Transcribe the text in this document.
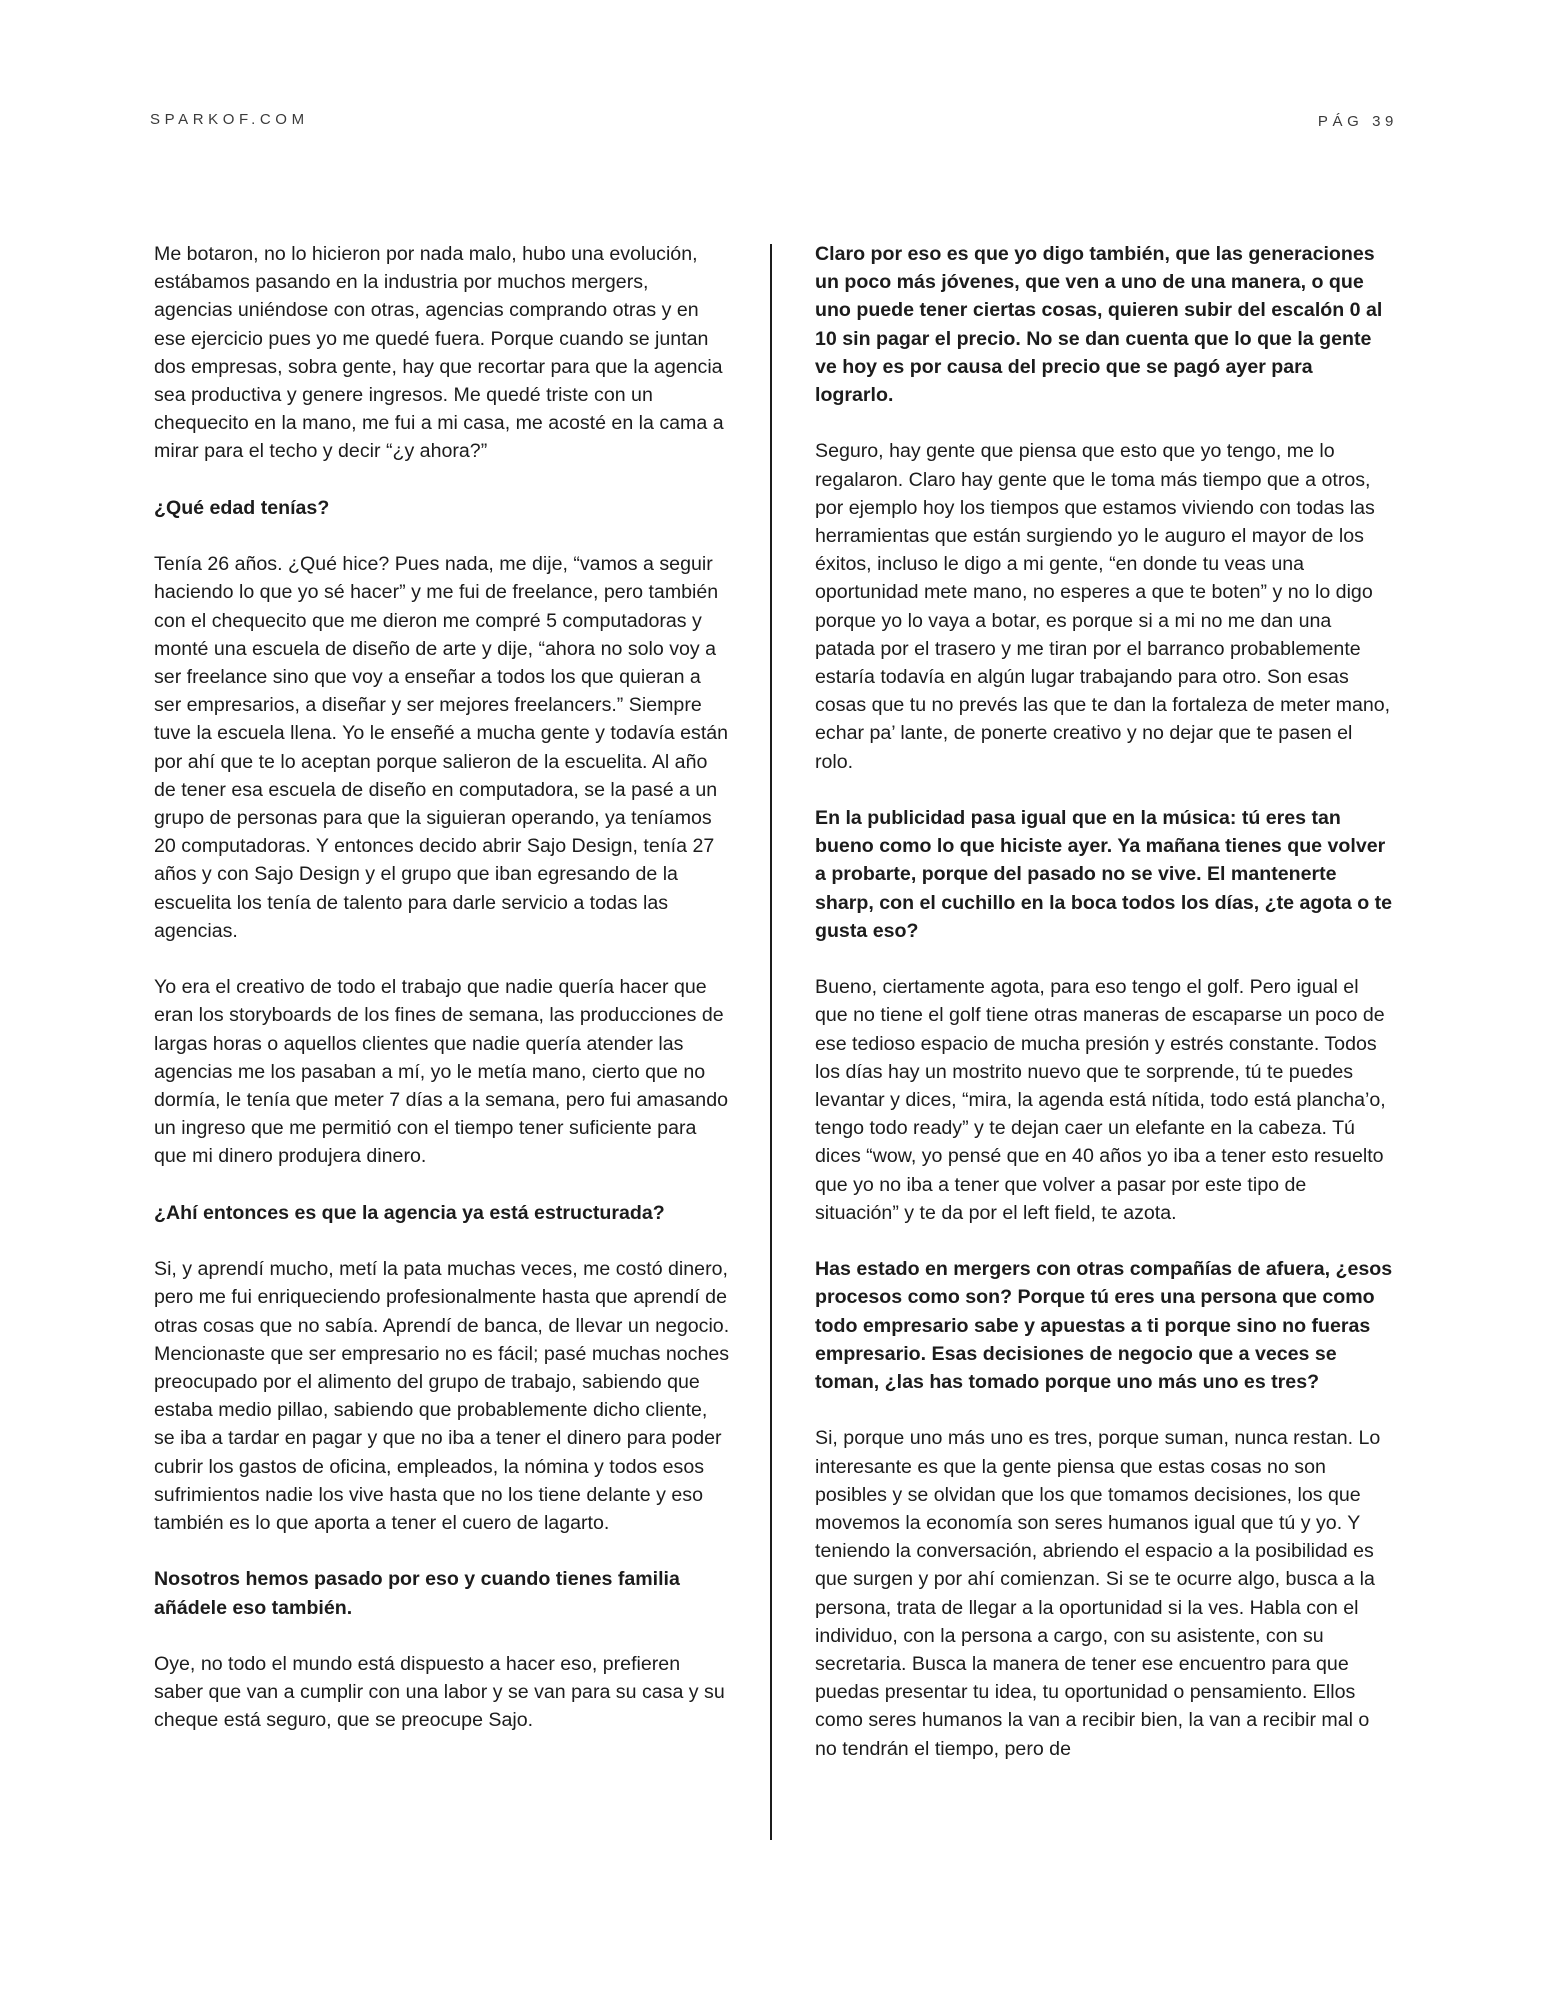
SPARKOF.COM	PÁG 39

Me botaron, no lo hicieron por nada malo, hubo una evolución, estábamos pasando en la industria por muchos mergers, agencias uniéndose con otras, agencias comprando otras y en ese ejercicio pues yo me quedé fuera. Porque cuando se juntan dos empresas, sobra gente, hay que recortar para que la agencia sea productiva y genere ingresos. Me quedé triste con un chequecito en la mano, me fui a mi casa, me acosté en la cama a mirar para el techo y decir “¿y ahora?”

¿Qué edad tenías?

Tenía 26 años. ¿Qué hice? Pues nada, me dije, “vamos a seguir haciendo lo que yo sé hacer” y me fui de freelance, pero también con el chequecito que me dieron me compré 5 computadoras y monté una escuela de diseño de arte y dije, “ahora no solo voy a ser freelance sino que voy a enseñar a todos los que quieran a ser empresarios, a diseñar y ser mejores freelancers.” Siempre tuve la escuela llena. Yo le enseñé a mucha gente y todavía están por ahí que te lo aceptan porque salieron de la escuelita. Al año de tener esa escuela de diseño en computadora, se la pasé a un grupo de personas para que la siguieran operando, ya teníamos 20 computadoras. Y entonces decido abrir Sajo Design, tenía 27 años y con Sajo Design y el grupo que iban egresando de la escuelita los tenía de talento para darle servicio a todas las agencias.

Yo era el creativo de todo el trabajo que nadie quería hacer que eran los storyboards de los fines de semana, las producciones de largas horas o aquellos clientes que nadie quería atender las agencias me los pasaban a mí, yo le metía mano, cierto que no dormía, le tenía que meter 7 días a la semana, pero fui amasando un ingreso que me permitió con el tiempo tener suficiente para que mi dinero produjera dinero.

¿Ahí entonces es que la agencia ya está estructurada?

Si, y aprendí mucho, metí la pata muchas veces, me costó dinero, pero me fui enriqueciendo profesionalmente hasta que aprendí de otras cosas que no sabía. Aprendí de banca, de llevar un negocio. Mencionaste que ser empresario no es fácil; pasé muchas noches preocupado por el alimento del grupo de trabajo, sabiendo que estaba medio pillao, sabiendo que probablemente dicho cliente, se iba a tardar en pagar y que no iba a tener el dinero para poder cubrir los gastos de oficina, empleados, la nómina y todos esos sufrimientos nadie los vive hasta que no los tiene delante y eso también es lo que aporta a tener el cuero de lagarto.

Nosotros hemos pasado por eso y cuando tienes familia añádele eso también.

Oye, no todo el mundo está dispuesto a hacer eso, prefieren saber que van a cumplir con una labor y se van para su casa y su cheque está seguro, que se preocupe Sajo.

Claro por eso es que yo digo también, que las generaciones un poco más jóvenes, que ven a uno de una manera, o que uno puede tener ciertas cosas, quieren subir del escalón 0 al 10 sin pagar el precio. No se dan cuenta que lo que la gente ve hoy es por causa del precio que se pagó ayer para lograrlo.

Seguro, hay gente que piensa que esto que yo tengo, me lo regalaron. Claro hay gente que le toma más tiempo que a otros, por ejemplo hoy los tiempos que estamos viviendo con todas las herramientas que están surgiendo yo le auguro el mayor de los éxitos, incluso le digo a mi gente, “en donde tu veas una oportunidad mete mano, no esperes a que te boten” y no lo digo porque yo lo vaya a botar, es porque si a mi no me dan una patada por el trasero y me tiran por el barranco probablemente estaría todavía en algún lugar trabajando para otro. Son esas cosas que tu no prevés las que te dan la fortaleza de meter mano, echar pa’ lante, de ponerte creativo y no dejar que te pasen el rolo.

En la publicidad pasa igual que en la música: tú eres tan bueno como lo que hiciste ayer. Ya mañana tienes que volver a probarte, porque del pasado no se vive. El mantenerte sharp, con el cuchillo en la boca todos los días, ¿te agota o te gusta eso?

Bueno, ciertamente agota, para eso tengo el golf. Pero igual el que no tiene el golf tiene otras maneras de escaparse un poco de ese tedioso espacio de mucha presión y estrés constante. Todos los días hay un mostrito nuevo que te sorprende, tú te puedes levantar y dices, “mira, la agenda está nítida, todo está plancha’o, tengo todo ready” y te dejan caer un elefante en la cabeza. Tú dices “wow, yo pensé que en 40 años yo iba a tener esto resuelto que yo no iba a tener que volver a pasar por este tipo de situación” y te da por el left field, te azota.

Has estado en mergers con otras compañías de afuera, ¿esos procesos como son? Porque tú eres una persona que como todo empresario sabe y apuestas a ti porque sino no fueras empresario. Esas decisiones de negocio que a veces se toman, ¿las has tomado porque uno más uno es tres?

Si, porque uno más uno es tres, porque suman, nunca restan. Lo interesante es que la gente piensa que estas cosas no son posibles y se olvidan que los que tomamos decisiones, los que movemos la economía son seres humanos igual que tú y yo. Y teniendo la conversación, abriendo el espacio a la posibilidad es que surgen y por ahí comienzan. Si se te ocurre algo, busca a la persona, trata de llegar a la oportunidad si la ves. Habla con el individuo, con la persona a cargo, con su asistente, con su secretaria. Busca la manera de tener ese encuentro para que puedas presentar tu idea, tu oportunidad o pensamiento. Ellos como seres humanos la van a recibir bien, la van a recibir mal o no tendrán el tiempo, pero de
